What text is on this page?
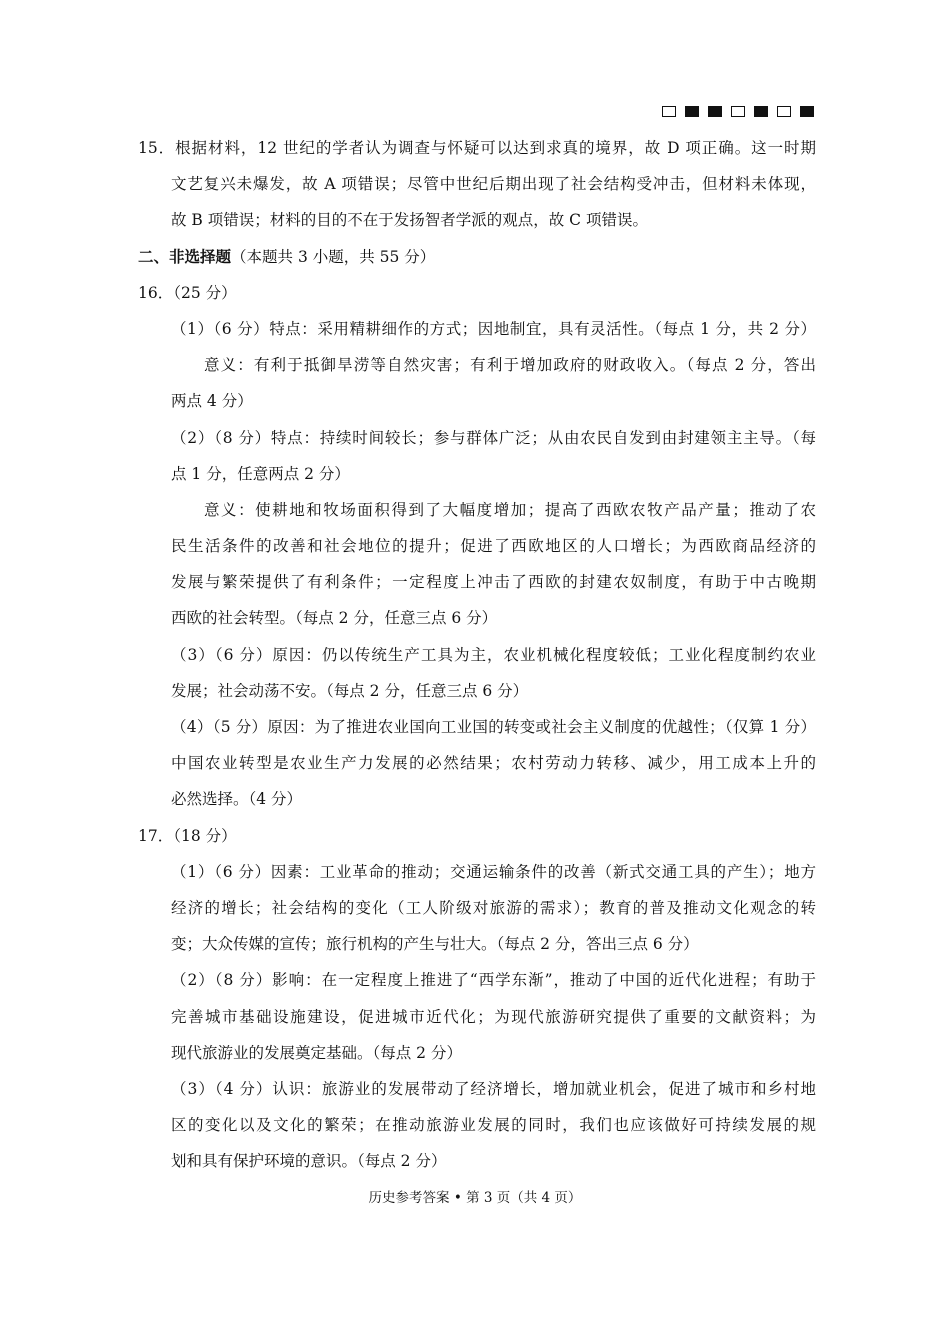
15．根据材料，12 世纪的学者认为调查与怀疑可以达到求真的境界，故 D 项正确。这一时期
文艺复兴未爆发，故 A 项错误；尽管中世纪后期出现了社会结构受冲击，但材料未体现，
故 B 项错误；材料的目的不在于发扬智者学派的观点，故 C 项错误。
二、非选择题（本题共 3 小题，共 55 分）
16．（25 分）
（1）（6 分）特点：采用精耕细作的方式；因地制宜，具有灵活性。（每点 1 分，共 2 分）
意义：有利于抵御旱涝等自然灾害；有利于增加政府的财政收入。（每点 2 分，答出
两点 4 分）
（2）（8 分）特点：持续时间较长；参与群体广泛；从由农民自发到由封建领主主导。（每
点 1 分，任意两点 2 分）
意义：使耕地和牧场面积得到了大幅度增加；提高了西欧农牧产品产量；推动了农
民生活条件的改善和社会地位的提升；促进了西欧地区的人口增长；为西欧商品经济的
发展与繁荣提供了有利条件；一定程度上冲击了西欧的封建农奴制度，有助于中古晚期
西欧的社会转型。（每点 2 分，任意三点 6 分）
（3）（6 分）原因：仍以传统生产工具为主，农业机械化程度较低；工业化程度制约农业
发展；社会动荡不安。（每点 2 分，任意三点 6 分）
（4）（5 分）原因：为了推进农业国向工业国的转变或社会主义制度的优越性；（仅算 1 分）
中国农业转型是农业生产力发展的必然结果；农村劳动力转移、减少，用工成本上升的
必然选择。（4 分）
17．（18 分）
（1）（6 分）因素：工业革命的推动；交通运输条件的改善（新式交通工具的产生）；地方
经济的增长；社会结构的变化（工人阶级对旅游的需求）；教育的普及推动文化观念的转
变；大众传媒的宣传；旅行机构的产生与壮大。（每点 2 分，答出三点 6 分）
（2）（8 分）影响：在一定程度上推进了“西学东渐”，推动了中国的近代化进程；有助于
完善城市基础设施建设，促进城市近代化；为现代旅游研究提供了重要的文献资料；为
现代旅游业的发展奠定基础。（每点 2 分）
（3）（4 分）认识：旅游业的发展带动了经济增长，增加就业机会，促进了城市和乡村地
区的变化以及文化的繁荣；在推动旅游业发展的同时，我们也应该做好可持续发展的规
划和具有保护环境的意识。（每点 2 分）
历史参考答案 • 第 3 页（共 4 页）
